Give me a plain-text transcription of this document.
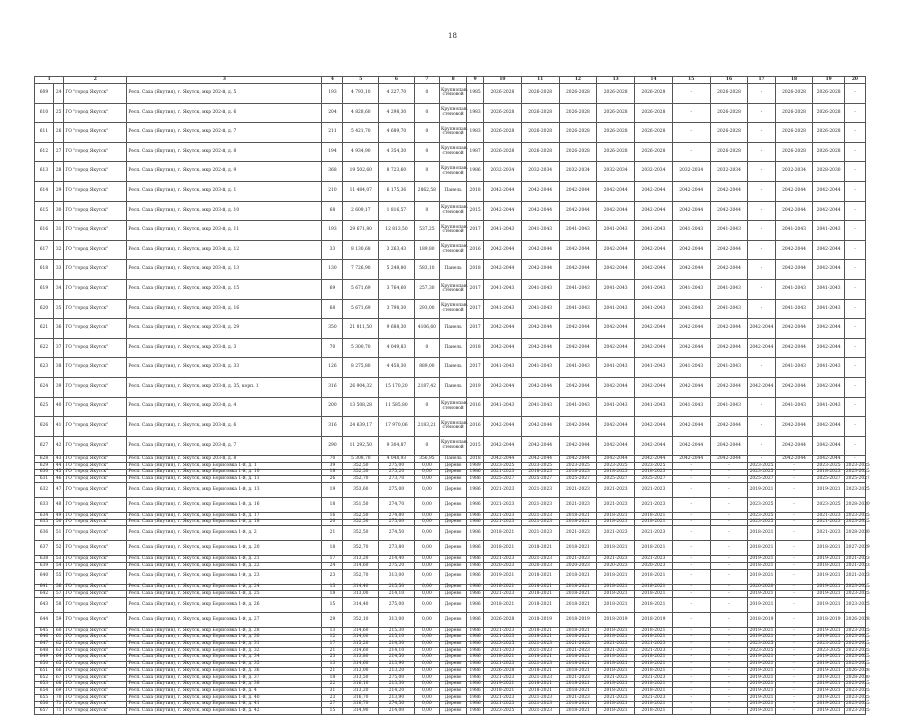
18
1		2	3	4	5	6	7	8	9	10	11	12	13	14	15	16	17	18	19	20
609	24	ГО "город Якутск"	Респ. Саха (Якутия), г. Якутск, мкр 202-й, д. 5	193	4 793,10	4 227,70	0	Крупнопан. стеновой	1985	2026-2028	2026-2028	2026-2028	2026-2028	2026-2028	-	2026-2028	-	2026-2028	2026-2028	-
610	25	ГО "город Якутск"	Респ. Саха (Якутия), г. Якутск, мкр 202-й, д. 6	204	4 828,60	4 298,30	0	Крупнопан. стеновой	1983	2026-2028	2026-2028	2026-2028	2026-2028	2026-2028	-	2026-2028	-	2026-2028	2026-2028	-
611	26	ГО "город Якутск"	Респ. Саха (Якутия), г. Якутск, мкр 202-й, д. 7	211	5 421,70	4 689,70	0	Крупнопан. стеновой	1983	2026-2028	2026-2028	2026-2028	2026-2028	2026-2028	-	2026-2028	-	2026-2028	2026-2028	-
612	27	ГО "город Якутск"	Респ. Саха (Якутия), г. Якутск, мкр 202-й, д. 8	194	4 934,90	4 354,30	0	Крупнопан. стеновой	1987	2026-2028	2026-2028	2026-2028	2026-2028	2026-2028	-	2026-2028	-	2026-2028	2026-2028	-
613	28	ГО "город Якутск"	Респ. Саха (Якутия), г. Якутск, мкр 202-й, д. 9	368	19 502,60	8 723,60	0	Крупнопан. стеновой	1986	2032-2034	2032-2034	2032-2034	2032-2034	2032-2034	2032-2034	2032-2034	-	2032-2034	2028-2030	-
614	29	ГО "город Якутск"	Респ. Саха (Якутия), г. Якутск, мкр 203-й, д. 1	210	11 484,07	6 175,36	2862,58	Панель	2018	2042-2044	2042-2044	2042-2044	2042-2044	2042-2044	2042-2044	2042-2044	-	2042-2044	2042-2044	-
615	30	ГО "город Якутск"	Респ. Саха (Якутия), г. Якутск, мкр 203-й, д. 10	68	2 609,17	1 816,57	0	Крупнопан. стеновой	2015	2042-2044	2042-2044	2042-2044	2042-2044	2042-2044	2042-2044	2042-2044	-	2042-2044	2042-2044	-
616	31	ГО "город Якутск"	Респ. Саха (Якутия), г. Якутск, мкр 203-й, д. 11	193	29 671,80	12 813,50	537,25	Крупнопан. стеновой	2017	2041-2043	2041-2043	2041-2043	2041-2043	2041-2043	2041-2043	2041-2043	-	2041-2043	2041-2043	-
617	32	ГО "город Якутск"	Респ. Саха (Якутия), г. Якутск, мкр 203-й, д. 12	33	8 130,68	3 263,43	189,80	Крупнопан. стеновой	2016	2042-2044	2042-2044	2042-2044	2042-2044	2042-2044	2042-2044	2042-2044	-	2042-2044	2042-2044	-
618	33	ГО "город Якутск"	Респ. Саха (Якутия), г. Якутск, мкр 203-й, д. 13	130	7 726,90	5 248,80	583,10	Панель	2018	2042-2044	2042-2044	2042-2044	2042-2044	2042-2044	2042-2044	2042-2044	-	2042-2044	2042-2044	-
619	34	ГО "город Якутск"	Респ. Саха (Якутия), г. Якутск, мкр 203-й, д. 15	69	5 671,69	3 764,60	257,30	Крупнопан. стеновой	2017	2041-2043	2041-2043	2041-2043	2041-2043	2041-2043	2041-2043	2041-2043	-	2041-2043	2041-2043	-
620	35	ГО "город Якутск"	Респ. Саха (Якутия), г. Якутск, мкр 203-й, д. 16	68	5 671,69	3 798,30	293,00	Крупнопан. стеновой	2017	2041-2043	2041-2043	2041-2043	2041-2043	2041-2043	2041-2043	2041-2043	-	2041-2043	2041-2043	-
621	36	ГО "город Якутск"	Респ. Саха (Якутия), г. Якутск, мкр 203-й, д. 29	350	21 811,50	9 688,30	4106,60	Панель	2017	2042-2044	2042-2044	2042-2044	2042-2044	2042-2044	2042-2044	2042-2044	2042-2044	2042-2044	2042-2044	-
622	37	ГО "город Якутск"	Респ. Саха (Якутия), г. Якутск, мкр 203-й, д. 3	70	5 300,70	4 049,83	0	Панель	2018	2042-2044	2042-2044	2042-2044	2042-2044	2042-2044	2042-2044	2042-2044	2042-2044	2042-2044	2042-2044	-
623	38	ГО "город Якутск"	Респ. Саха (Якутия), г. Якутск, мкр 203-й, д. 33	126	8 275,80	4 458,30	889,00	Панель	2017	2041-2043	2041-2043	2041-2043	2041-2043	2041-2043	2041-2043	2041-2043	-	2041-2043	2041-2043	-
624	39	ГО "город Якутск"	Респ. Саха (Якутия), г. Якутск, мкр 203-й, д. 35, корп. 1	316	26 904,32	15 170,20	2187,42	Панель	2019	2042-2044	2042-2044	2042-2044	2042-2044	2042-2044	2042-2044	2042-2044	2042-2044	2042-2044	2042-2044	-
625	40	ГО "город Якутск"	Респ. Саха (Якутия), г. Якутск, мкр 203-й, д. 4	200	13 508,28	11 585,80	0	Крупнопан. стеновой	2016	2041-2043	2041-2043	2041-2043	2041-2043	2041-2043	2041-2043	2041-2043	-	2041-2043	2041-2043	-
626	41	ГО "город Якутск"	Респ. Саха (Якутия), г. Якутск, мкр 203-й, д. 6	316	24 639,17	17 970,06	2183,21	Крупнопан. стеновой	2016	2042-2044	2042-2044	2042-2044	2042-2044	2042-2044	2042-2044	2042-2044	-	2042-2044	2042-2044	-
627	42	ГО "город Якутск"	Респ. Саха (Якутия), г. Якутск, мкр 203-й, д. 7	290	11 292,50	9 304,87	0	Крупнопан. стеновой	2015	2042-2044	2042-2044	2042-2044	2042-2044	2042-2044	2042-2044	2042-2044	-	2042-2044	2042-2044	-
628	43	ГО "город Якутск"	Респ. Саха (Якутия), г. Якутск, мкр 203-й, д. 8	70	5 308,70	4 048,93	356,95	Панель	2018	2042-2044	2042-2044	2042-2044	2042-2044	2042-2044	2042-2044	2042-2044	-	2042-2044	2042-2044	-
629	44	ГО "город Якутск"	Респ. Саха (Якутия), г. Якутск, мкр Борисовка 1-й, д. 1	39	352,50	275,00	0,00	Дерево	1989	2023-2025	2023-2025	2023-2025	2023-2025	2023-2025	-	-	2023-2025	-	2023-2025	2023-2025
630	45	ГО "город Якутск"	Респ. Саха (Якутия), г. Якутск, мкр Борисовка 1-й, д. 10	18	352,50	275,20	0,00	Дерево	1986	2021-2023	2018-2023	2018-2023	2018-2023	2018-2023	-	-	2023-2025	-	2018-2023	2023-2025
631	46	ГО "город Якутск"	Респ. Саха (Якутия), г. Якутск, мкр Борисовка 1-й, д. 11	26	352,70	273,70	0,00	Дерево	1986	2025-2027	2025-2027	2025-2027	2025-2027	2025-2027	-	-	2025-2027	-	2025-2027	2025-2027
632	47	ГО "город Якутск"	Респ. Саха (Якутия), г. Якутск, мкр Борисовка 1-й, д. 13	19	353,60	275,00	0,00	Дерево	1986	2021-2023	2021-2023	2021-2023	2021-2023	2021-2023	-	-	2019-2021	-	2019-2021	2023-2025
633	48	ГО "город Якутск"	Респ. Саха (Якутия), г. Якутск, мкр Борисовка 1-й, д. 16	18	351,50	274,70	0,00	Дерево	1986	2021-2023	2021-2023	2021-2023	2021-2023	2021-2023	-	-	2023-2025	-	2023-2025	2028-2030
634	49	ГО "город Якутск"	Респ. Саха (Якутия), г. Якутск, мкр Борисовка 1-й, д. 17	16	352,50	274,80	0,00	Дерево	1986	2021-2023	2021-2023	2018-2021	2018-2021	2018-2021	-	-	2023-2025	-	2021-2023	2023-2025
635	50	ГО "город Якутск"	Респ. Саха (Якутия), г. Якутск, мкр Борисовка 1-й, д. 18	20	352,50	275,00	0,00	Дерево	1986	2021-2023	2021-2023	2018-2021	2018-2021	2018-2021	-	-	2023-2025	-	2021-2023	2023-2025
636	51	ГО "город Якутск"	Респ. Саха (Якутия), г. Якутск, мкр Борисовка 1-й, д. 2	21	352,50	274,50	0,00	Дерево	1986	2018-2021	2021-2023	2021-2023	2021-2023	2021-2023	-	-	2018-2021	-	2021-2023	2028-2030
637	52	ГО "город Якутск"	Респ. Саха (Якутия), г. Якутск, мкр Борисовка 1-й, д. 20	18	352,70	273,80	0,00	Дерево	1986	2018-2021	2018-2021	2018-2021	2018-2021	2018-2021	-	-	2018-2021	-	2018-2021	2027-2029
638	53	ГО "город Якутск"	Респ. Саха (Якутия), г. Якутск, мкр Борисовка 1-й, д. 21	17	313,20	214,40	0,00	Дерево	1986	2021-2023	2021-2023	2021-2023	2021-2023	2021-2023	-	-	2019-2021	-	2019-2021	2021-2023
639	54	ГО "город Якутск"	Респ. Саха (Якутия), г. Якутск, мкр Борисовка 1-й, д. 22	24	314,60	275,20	0,00	Дерево	1986	2020-2023	2020-2023	2020-2023	2020-2023	2020-2023	-	-	2018-2021	-	2018-2021	2021-2023
640	55	ГО "город Якутск"	Респ. Саха (Якутия), г. Якутск, мкр Борисовка 1-й, д. 23	23	352,70	313,00	0,00	Дерево	1986	2019-2021	2018-2021	2018-2021	2018-2021	2018-2021	-	-	2019-2021	-	2019-2021	2021-2023
641	56	ГО "город Якутск"	Респ. Саха (Якутия), г. Якутск, мкр Борисовка 1-й, д. 24	15	314,40	215,50	0,00	Дерево	1986	2018-2021	2018-2021	2018-2021	2018-2021	2018-2021	-	-	2020-2020	-	2019-2021	2023-2025
642	57	ГО "город Якутск"	Респ. Саха (Якутия), г. Якутск, мкр Борисовка 1-й, д. 25	18	313,00	214,10	0,00	Дерево	1986	2021-2023	2018-2021	2018-2021	2018-2021	2018-2021	-	-	2019-2021	-	2019-2021	2023-2025
643	58	ГО "город Якутск"	Респ. Саха (Якутия), г. Якутск, мкр Борисовка 1-й, д. 26	15	314,40	275,00	0,00	Дерево	1986	2018-2021	2018-2021	2018-2021	2018-2021	2018-2021	-	-	2019-2021	-	2019-2021	2023-2025
644	59	ГО "город Якутск"	Респ. Саха (Якутия), г. Якутск, мкр Борисовка 1-й, д. 27	29	352,10	313,00	0,00	Дерево	1986	2026-2028	2018-2019	2018-2019	2018-2019	2018-2019	-	-	2018-2019	-	2018-2019	2026-2028
645	60	ГО "город Якутск"	Респ. Саха (Якутия), г. Якутск, мкр Борисовка 1-й, д. 28	13	314,60	215,30	0,00	Дерево	1986	2021-2023	2018-2021	2018-2021	2018-2021	2018-2021	-	-	2019-2021	-	2019-2021	2023-2025
646	61	ГО "город Якутск"	Респ. Саха (Якутия), г. Якутск, мкр Борисовка 1-й, д. 30	12	314,00	215,10	0,00	Дерево	1986	2021-2023	2018-2021	2018-2021	2018-2021	2018-2021	-	-	2019-2021	-	2019-2021	2023-2025
647	62	ГО "город Якутск"	Респ. Саха (Якутия), г. Якутск, мкр Борисовка 1-й, д. 31	17	315,20	214,30	0,00	Дерево	1986	2023-2025	2021-2023	2021-2023	2021-2023	2021-2023	-	-	2023-2025	-	2023-2025	2023-2025
648	63	ГО "город Якутск"	Респ. Саха (Якутия), г. Якутск, мкр Борисовка 1-й, д. 32	21	314,60	214,10	0,00	Дерево	1986	2021-2023	2021-2023	2021-2023	2021-2023	2021-2023	-	-	2023-2025	-	2023-2025	2023-2025
649	64	ГО "город Якутск"	Респ. Саха (Якутия), г. Якутск, мкр Борисовка 1-й, д. 34	23	313,80	214,50	0,00	Дерево	1986	2018-2021	2018-2021	2018-2021	2018-2021	2018-2021	-	-	2019-2021	-	2019-2021	2023-2025
650	65	ГО "город Якутск"	Респ. Саха (Якутия), г. Якутск, мкр Борисовка 1-й, д. 35	13	314,60	213,90	0,00	Дерево	1986	2021-2023	2021-2023	2018-2021	2018-2021	2018-2021	-	-	2019-2021	-	2019-2021	2023-2025
651	66	ГО "город Якутск"	Респ. Саха (Якутия), г. Якутск, мкр Борисовка 1-й, д. 36	21	313,00	213,20	0,00	Дерево	1986	2026-2028	2018-2021	2018-2021	2018-2021	2018-2021	-	-	2019-2021	-	2019-2021	2026-2028
652	67	ГО "город Якутск"	Респ. Саха (Якутия), г. Якутск, мкр Борисовка 1-й, д. 37	18	313,50	275,00	0,00	Дерево	1986	2021-2023	2021-2023	2021-2023	2021-2023	2021-2023	-	-	2019-2021	-	2019-2021	2028-2030
653	68	ГО "город Якутск"	Респ. Саха (Якутия), г. Якутск, мкр Борисовка 1-й, д. 38	22	316,10	213,30	0,00	Дерево	1986	2019-2021	2018-2021	2018-2021	2018-2021	2018-2021	-	-	2019-2021	-	2019-2021	2023-2025
654	69	ГО "город Якутск"	Респ. Саха (Якутия), г. Якутск, мкр Борисовка 1-й, д. 4	31	313,20	214,20	0,00	Дерево	1986	2018-2021	2018-2021	2018-2021	2018-2021	2018-2021	-	-	2019-2021	-	2019-2021	2023-2025
655	70	ГО "город Якутск"	Респ. Саха (Якутия), г. Якутск, мкр Борисовка 1-й, д. 40	23	316,70	213,90	0,00	Дерево	1986	2021-2023	2021-2023	2021-2023	2021-2023	2021-2023	-	-	2019-2021	-	2019-2021	2023-2025
656	71	ГО "город Якутск"	Респ. Саха (Якутия), г. Якутск, мкр Борисовка 1-й, д. 41	27	316,70	274,50	0,00	Дерево	1986	2021-2023	2021-2023	2018-2021	2018-2021	2018-2021	-	-	2019-2021	-	2019-2021	2023-2025
657	71	ГО "город Якутск"	Респ. Саха (Якутия), г. Якутск, мкр Борисовка 1-й, д. 42	15	314,90	214,00	0,00	Дерево	1986	2023-2025	2021-2023	2018-2021	2018-2021	2018-2021	-	-	2019-2021	-	2019-2021	2023-2025
